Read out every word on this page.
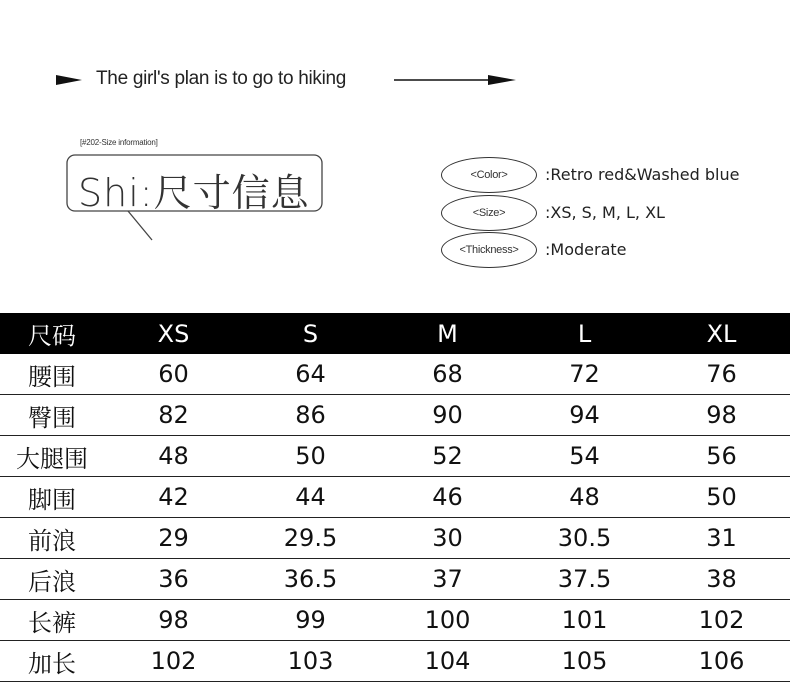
The girl's plan is to go to hiking
[#202-Size information]
Shi:尺寸信息	<Color>	:Retro red&Washed blue
<Size>	:XS, S, M, L, XL
<Thickness>	:Moderate
尺码	XS	S	M	L	XL
腰围	60	64	68	72	76
臀围	82	86	90	94	98
大腿围	48	50	52	54	56
脚围	42	44	46	48	50
前浪	29	29.5	30	30.5	31
后浪	36	36.5	37	37.5	38
长裤	98	99	100	101	102
加长	102	103	104	105	106
